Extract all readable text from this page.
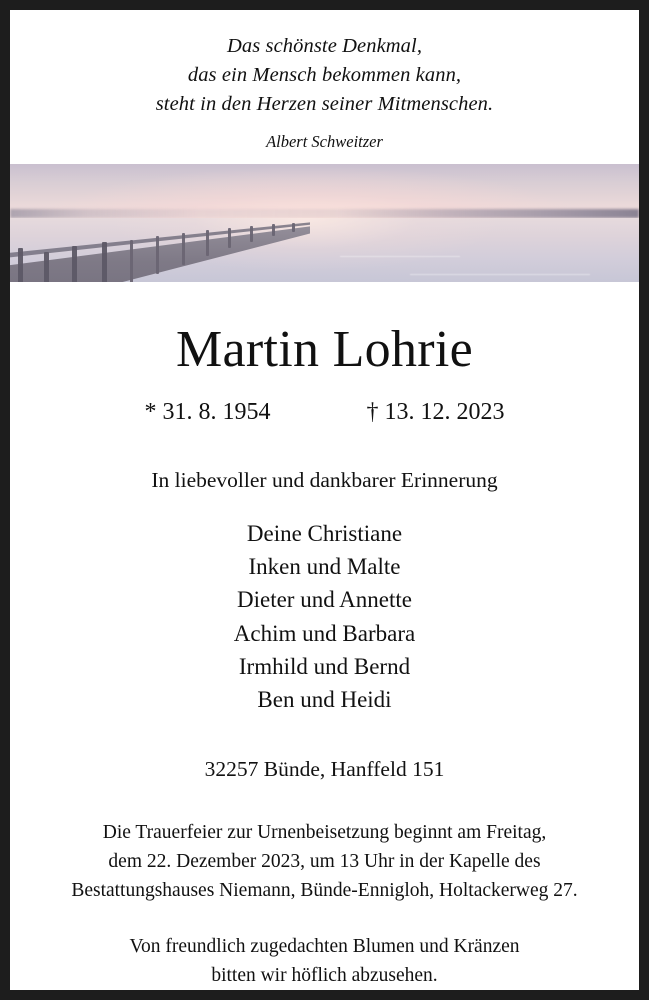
Das schönste Denkmal,
das ein Mensch bekommen kann,
steht in den Herzen seiner Mitmenschen.
Albert Schweitzer
Martin Lohrie
* 31. 8. 1954	† 13. 12. 2023
In liebevoller und dankbarer Erinnerung
Deine Christiane
Inken und Malte
Dieter und Annette
Achim und Barbara
Irmhild und Bernd
Ben und Heidi
32257 Bünde, Hanffeld 151
Die Trauerfeier zur Urnenbeisetzung beginnt am Freitag,
dem 22. Dezember 2023, um 13 Uhr in der Kapelle des
Bestattungshauses Niemann, Bünde-Ennigloh, Holtackerweg 27.
Von freundlich zugedachten Blumen und Kränzen
bitten wir höflich abzusehen.
